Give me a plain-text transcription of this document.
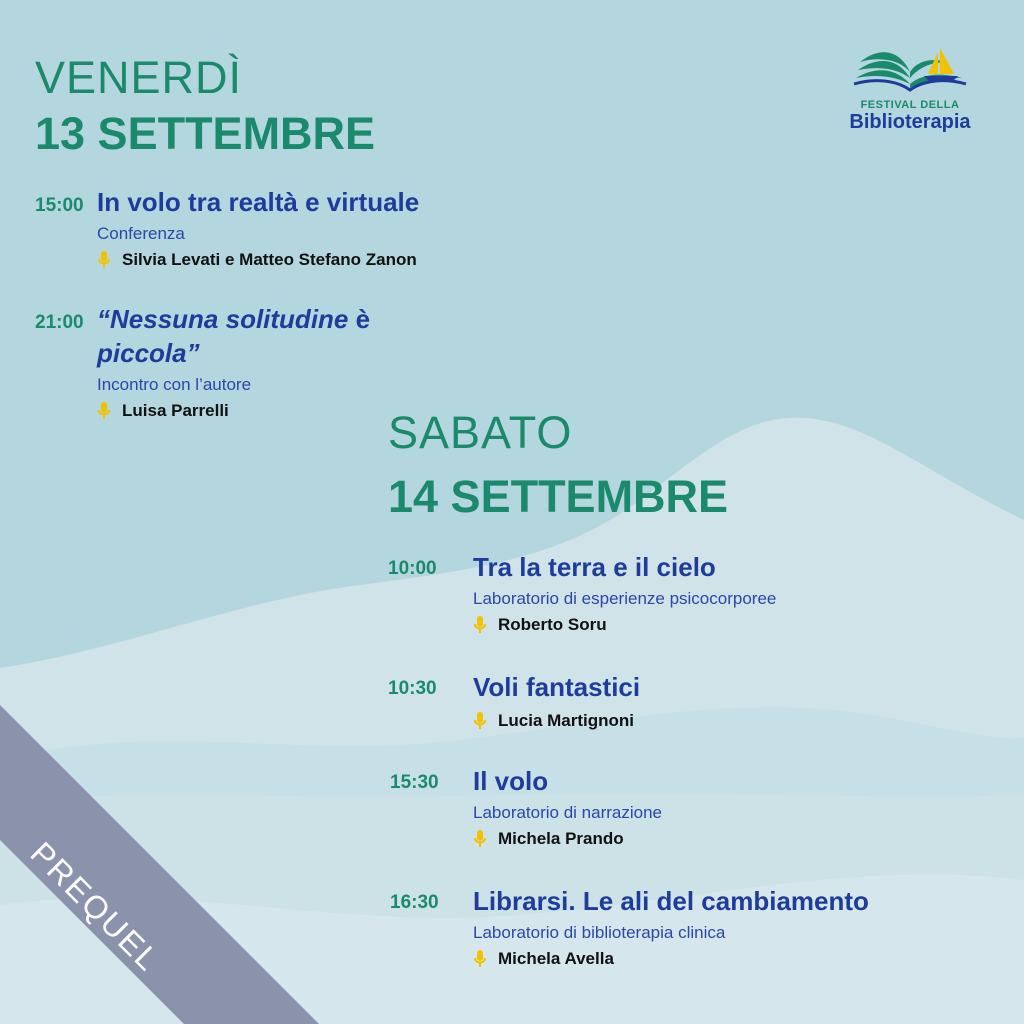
PREQUEL
FESTIVAL DELLA
Biblioterapia
VENERDÌ
13 SETTEMBRE
15:00 In volo tra realtà e virtuale
Conferenza
Silvia Levati e Matteo Stefano Zanon
21:00 “Nessuna solitudine è piccola”
Incontro con l’autore
Luisa Parrelli	SABATO
14 SETTEMBRE
10:00 Tra la terra e il cielo
Laboratorio di esperienze psicocorporee
Roberto Soru
10:30 Voli fantastici
Lucia Martignoni
15:30 Il volo
Laboratorio di narrazione
Michela Prando
16:30 Librarsi. Le ali del cambiamento
Laboratorio di biblioterapia clinica
Michela Avella
